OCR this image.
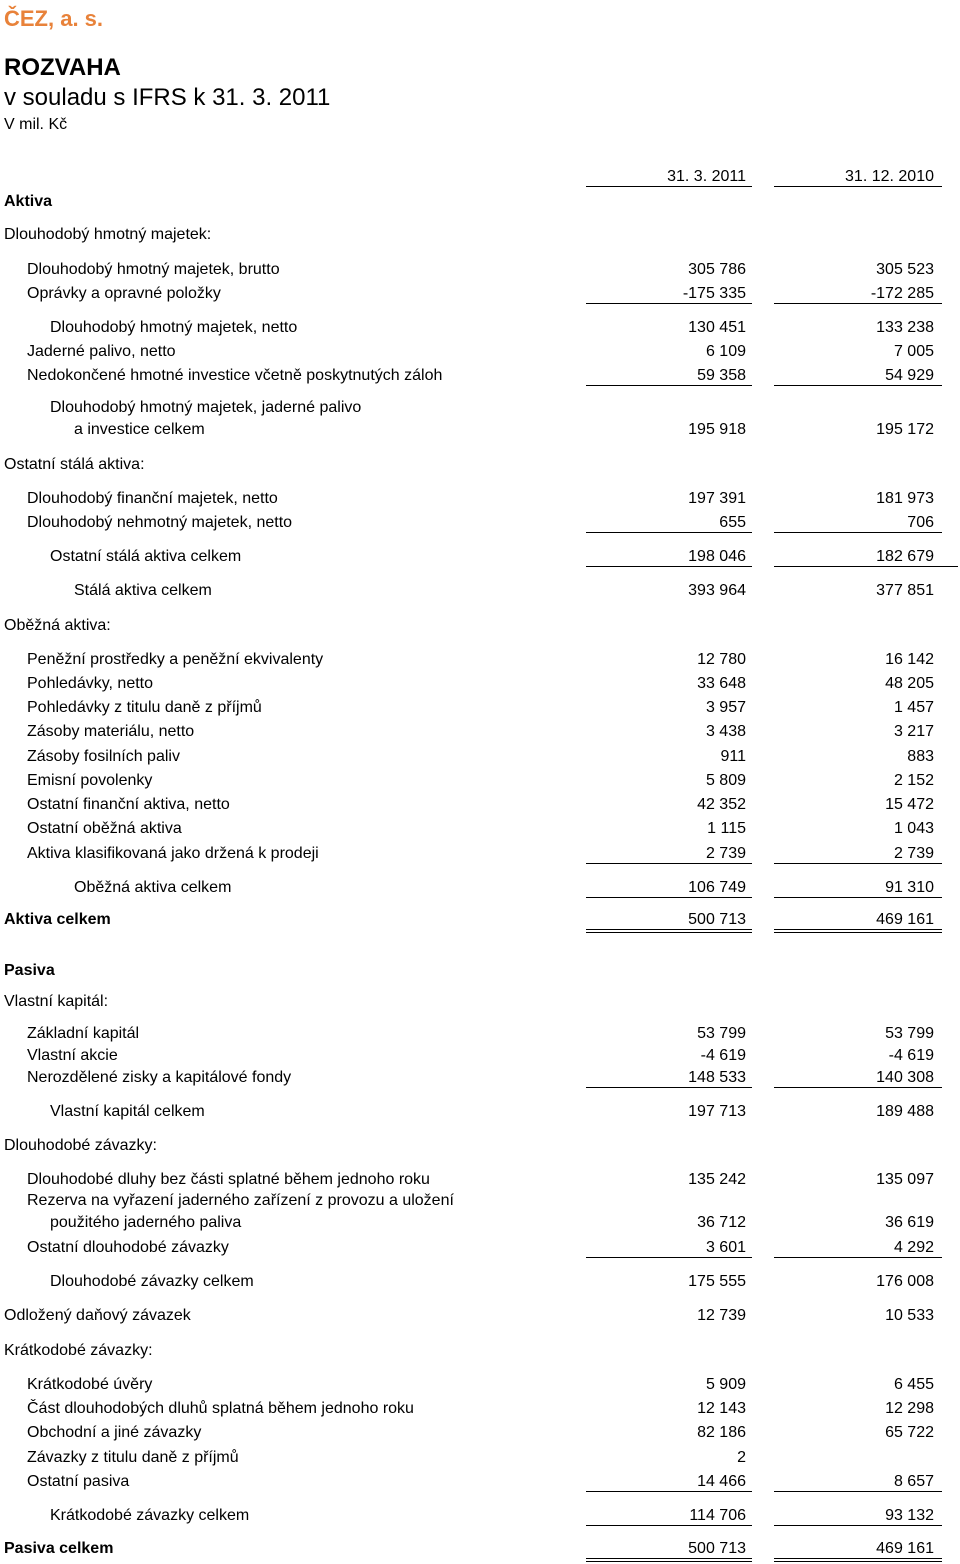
ČEZ, a. s.
ROZVAHA
v souladu s IFRS k 31. 3. 2011
V mil. Kč
31. 3. 2011	31. 12. 2010
Aktiva
Dlouhodobý hmotný majetek:
Dlouhodobý hmotný majetek, brutto	305 786	305 523
Oprávky a opravné položky	-175 335	-172 285
Dlouhodobý hmotný majetek, netto	130 451	133 238
Jaderné palivo, netto	6 109	7 005
Nedokončené hmotné investice včetně poskytnutých záloh	59 358	54 929
Dlouhodobý hmotný majetek, jaderné palivo
a investice celkem	195 918	195 172
Ostatní stálá aktiva:
Dlouhodobý finanční majetek, netto	197 391	181 973
Dlouhodobý nehmotný majetek, netto	655	706
Ostatní stálá aktiva celkem	198 046	182 679
Stálá aktiva celkem	393 964	377 851
Oběžná aktiva:
Peněžní prostředky a peněžní ekvivalenty	12 780	16 142
Pohledávky, netto	33 648	48 205
Pohledávky z titulu daně z příjmů	3 957	1 457
Zásoby materiálu, netto	3 438	3 217
Zásoby fosilních paliv	911	883
Emisní povolenky	5 809	2 152
Ostatní finanční aktiva, netto	42 352	15 472
Ostatní oběžná aktiva	1 115	1 043
Aktiva klasifikovaná jako držená k prodeji	2 739	2 739
Oběžná aktiva celkem	106 749	91 310
Aktiva celkem	500 713	469 161
Pasiva
Vlastní kapitál:
Základní kapitál	53 799	53 799
Vlastní akcie	-4 619	-4 619
Nerozdělené zisky a kapitálové fondy	148 533	140 308
Vlastní kapitál celkem	197 713	189 488
Dlouhodobé závazky:
Dlouhodobé dluhy bez části splatné během jednoho roku	135 242	135 097
Rezerva na vyřazení jaderného zařízení z provozu a uložení
použitého jaderného paliva	36 712	36 619
Ostatní dlouhodobé závazky	3 601	4 292
Dlouhodobé závazky celkem	175 555	176 008
Odložený daňový závazek	12 739	10 533
Krátkodobé závazky:
Krátkodobé úvěry	5 909	6 455
Část dlouhodobých dluhů splatná během jednoho roku	12 143	12 298
Obchodní a jiné závazky	82 186	65 722
Závazky z titulu daně z příjmů	2
Ostatní pasiva	14 466	8 657
Krátkodobé závazky celkem	114 706	93 132
Pasiva celkem	500 713	469 161
